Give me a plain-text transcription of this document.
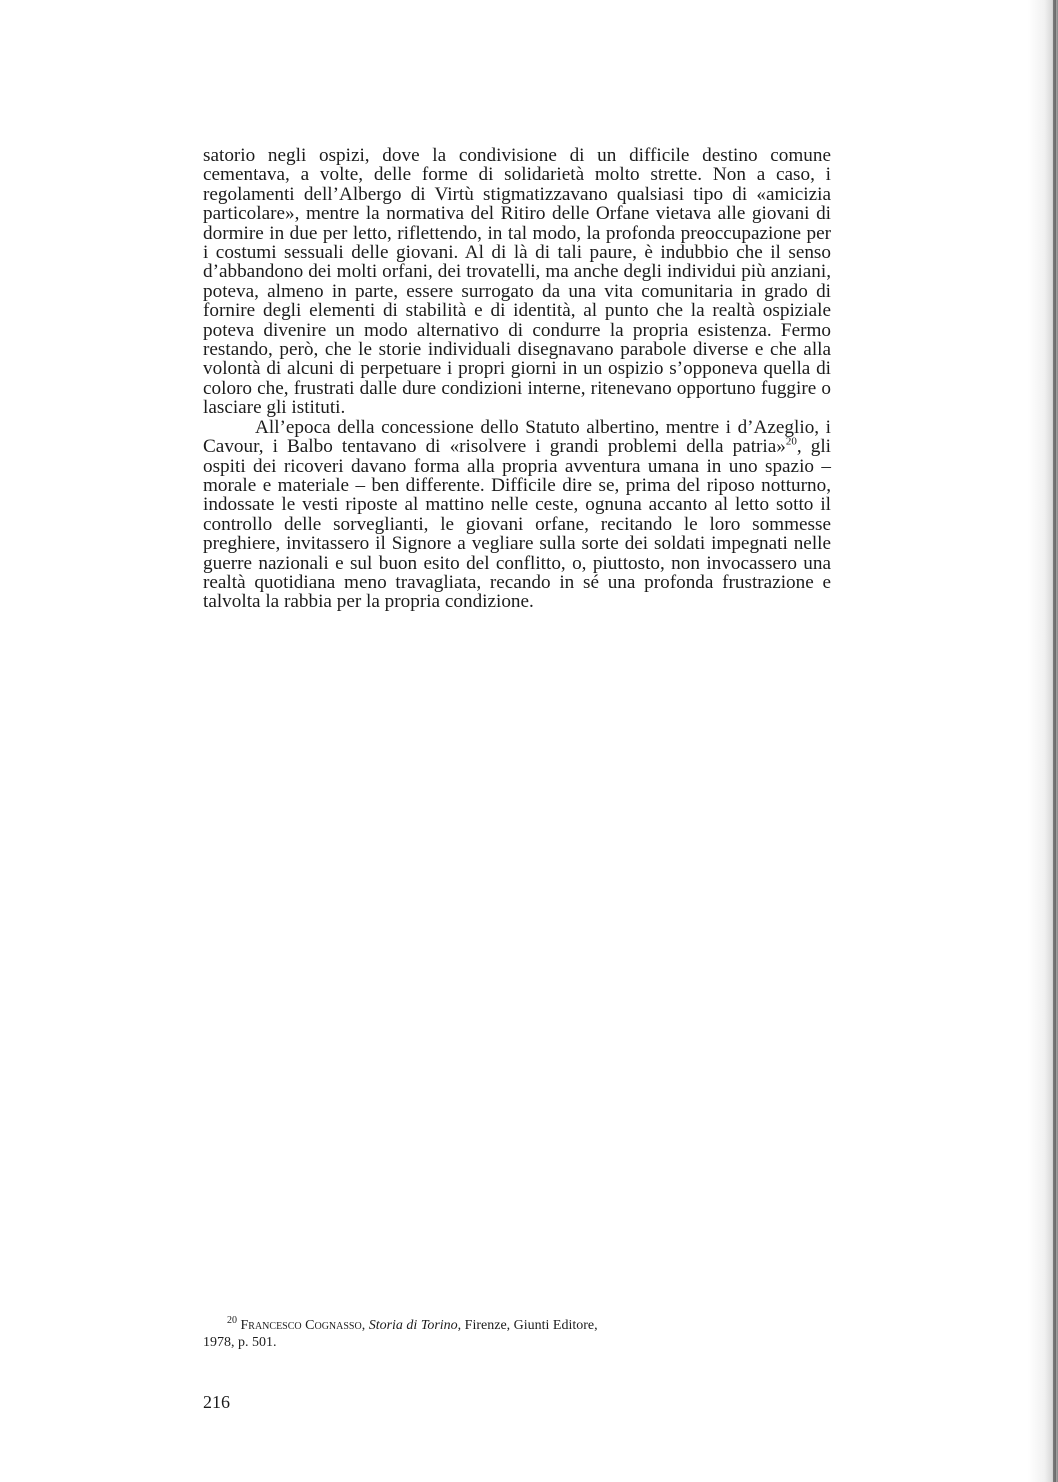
satorio negli ospizi, dove la condivisione di un difficile destino comune cementava, a volte, delle forme di solidarietà molto strette. Non a caso, i regolamenti dell’Albergo di Virtù stigmatizzavano qualsiasi tipo di «amicizia particolare», mentre la normativa del Ritiro delle Orfane vietava alle giovani di dormire in due per letto, riflettendo, in tal modo, la profonda preoccupazione per i costumi sessuali delle giovani. Al di là di tali paure, è indubbio che il senso d’abbandono dei molti orfani, dei trovatelli, ma anche degli individui più anziani, poteva, almeno in parte, essere surrogato da una vita comunitaria in grado di fornire degli elementi di stabilità e di identità, al punto che la realtà ospiziale poteva divenire un modo alternativo di condurre la propria esistenza. Fermo restando, però, che le storie individuali disegnavano parabole diverse e che alla volontà di alcuni di perpetuare i propri giorni in un ospizio s’opponeva quella di coloro che, frustrati dalle dure condizioni interne, ritenevano opportuno fuggire o lasciare gli istituti.

All’epoca della concessione dello Statuto albertino, mentre i d’Azeglio, i Cavour, i Balbo tentavano di «risolvere i grandi problemi della patria»$^{20}$, gli ospiti dei ricoveri davano forma alla propria avventura umana in uno spazio – morale e materiale – ben differente. Difficile dire se, prima del riposo notturno, indossate le vesti riposte al mattino nelle ceste, ognuna accanto al letto sotto il controllo delle sorveglianti, le giovani orfane, recitando le loro sommesse preghiere, invitassero il Signore a vegliare sulla sorte dei soldati impegnati nelle guerre nazionali e sul buon esito del conflitto, o, piuttosto, non invocassero una realtà quotidiana meno travagliata, recando in sé una profonda frustrazione e talvolta la rabbia per la propria condizione.

$^{20}$ Francesco Cognasso, Storia di Torino, Firenze, Giunti Editore, 1978, p. 501.
216
